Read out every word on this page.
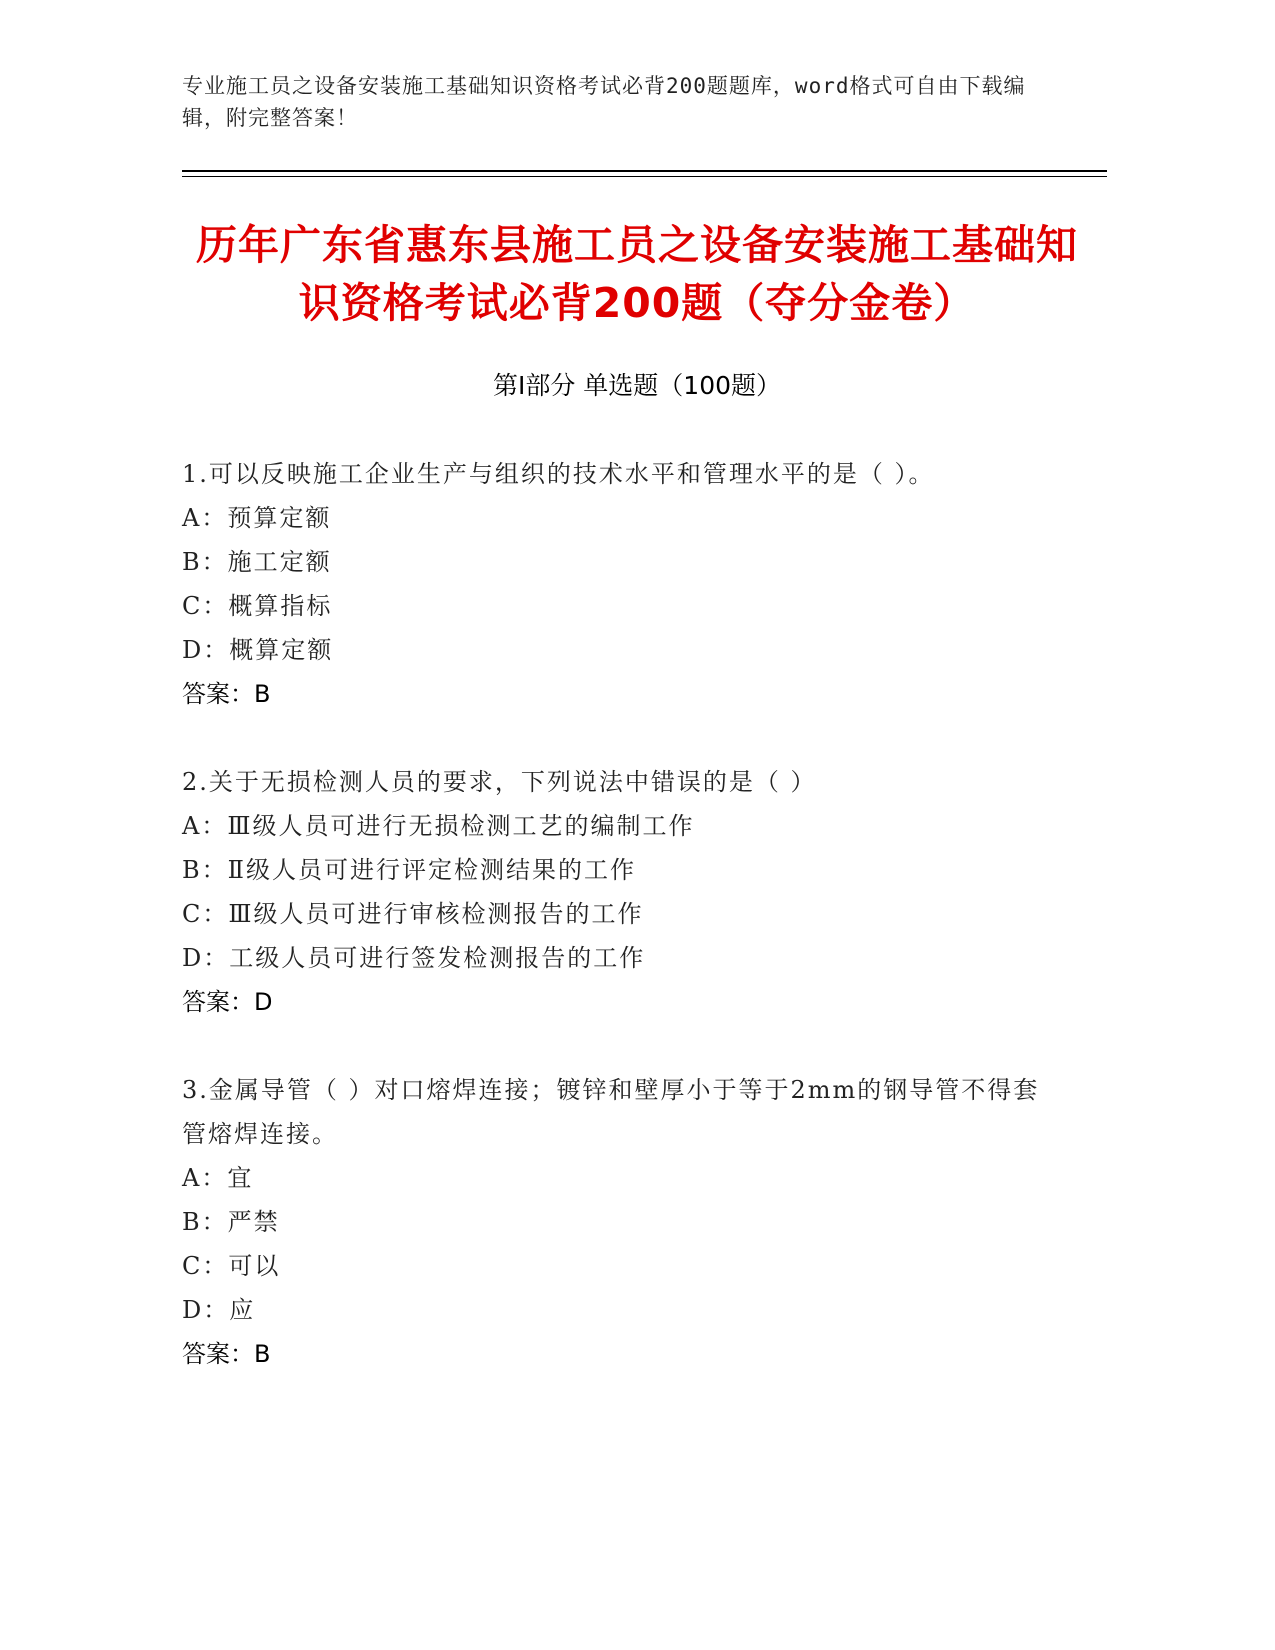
专业施工员之设备安装施工基础知识资格考试必背200题题库，word格式可自由下载编辑，附完整答案！
历年广东省惠东县施工员之设备安装施工基础知识资格考试必背200题（夺分金卷）
第I部分 单选题（100题）
1.可以反映施工企业生产与组织的技术水平和管理水平的是（ ）。
A：预算定额
B：施工定额
C：概算指标
D：概算定额
答案：B
2.关于无损检测人员的要求，下列说法中错误的是（ ）
A：Ⅲ级人员可进行无损检测工艺的编制工作
B：Ⅱ级人员可进行评定检测结果的工作
C：Ⅲ级人员可进行审核检测报告的工作
D：工级人员可进行签发检测报告的工作
答案：D
3.金属导管（ ）对口熔焊连接；镀锌和壁厚小于等于2mm的钢导管不得套管熔焊连接。
A：宜
B：严禁
C：可以
D：应
答案：B
